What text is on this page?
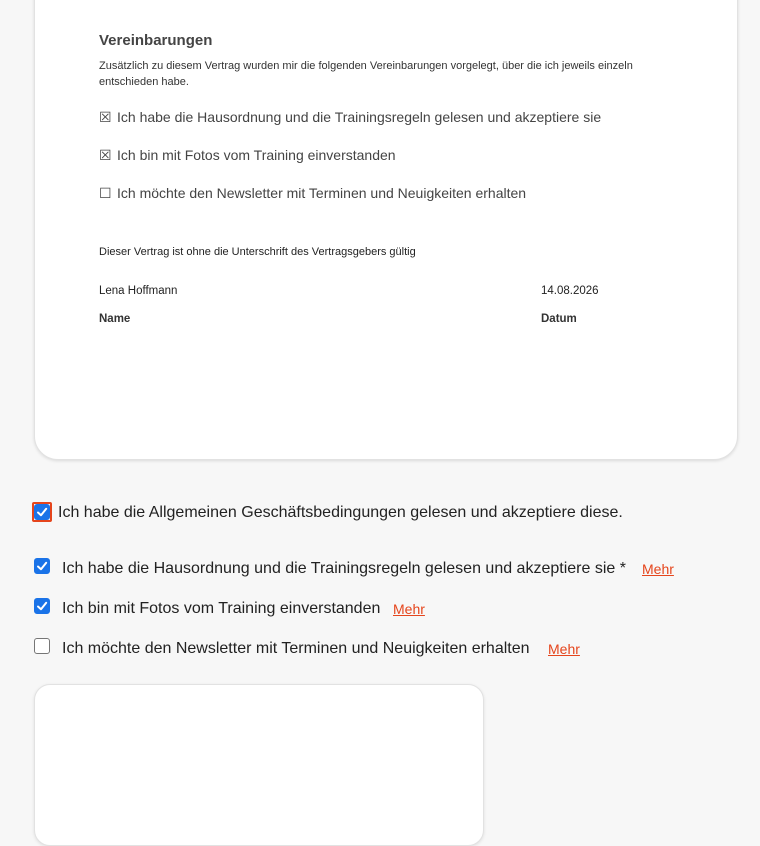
Vereinbarungen
Zusätzlich zu diesem Vertrag wurden mir die folgenden Vereinbarungen vorgelegt, über die ich jeweils einzeln entschieden habe.
☒ Ich habe die Hausordnung und die Trainingsregeln gelesen und akzeptiere sie
☒ Ich bin mit Fotos vom Training einverstanden
☐ Ich möchte den Newsletter mit Terminen und Neuigkeiten erhalten
Dieser Vertrag ist ohne die Unterschrift des Vertragsgebers gültig
Lena Hoffmann	14.08.2026
Name	Datum
Ich habe die Allgemeinen Geschäftsbedingungen gelesen und akzeptiere diese.
Ich habe die Hausordnung und die Trainingsregeln gelesen und akzeptiere sie * Mehr
Ich bin mit Fotos vom Training einverstanden Mehr
Ich möchte den Newsletter mit Terminen und Neuigkeiten erhalten Mehr
